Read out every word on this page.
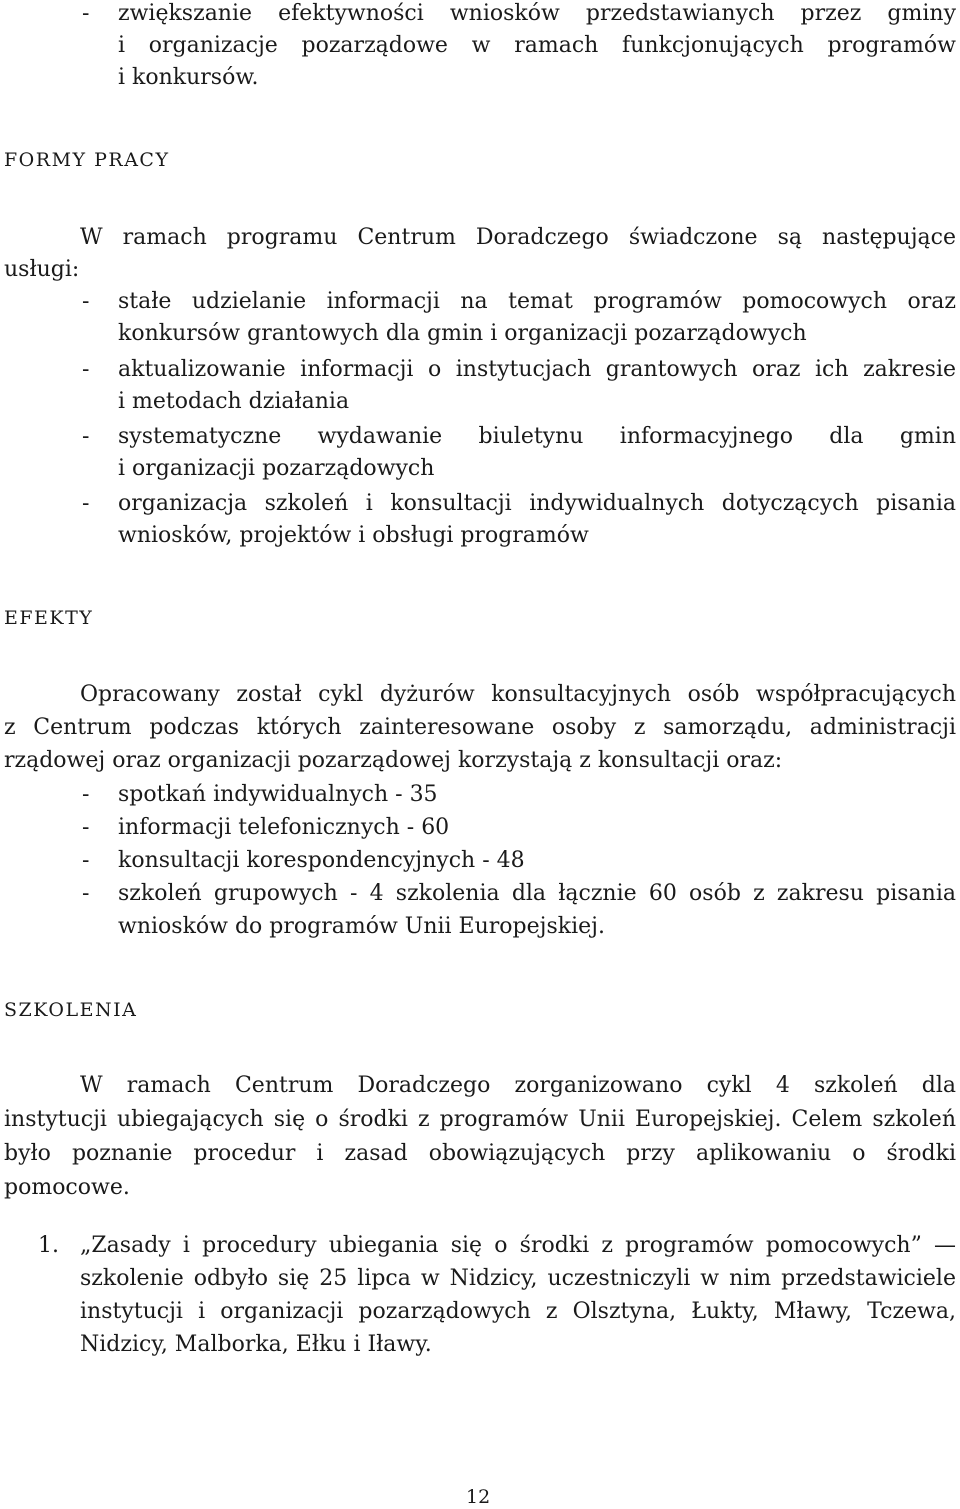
- zwiększanie efektywności wniosków przedstawianych przez gminy
i organizacje pozarządowe w ramach funkcjonujących programów
i konkursów.
FORMY PRACY
W ramach programu Centrum Doradczego świadczone są następujące
usługi:
- stałe udzielanie informacji na temat programów pomocowych oraz
konkursów grantowych dla gmin i organizacji pozarządowych
- aktualizowanie informacji o instytucjach grantowych oraz ich zakresie
i metodach działania
- systematyczne wydawanie biuletynu informacyjnego dla gmin
i organizacji pozarządowych
- organizacja szkoleń i konsultacji indywidualnych dotyczących pisania
wniosków, projektów i obsługi programów
EFEKTY
Opracowany został cykl dyżurów konsultacyjnych osób współpracujących
z Centrum podczas których zainteresowane osoby z samorządu, administracji
rządowej oraz organizacji pozarządowej korzystają z konsultacji oraz:
- spotkań indywidualnych - 35
- informacji telefonicznych - 60
- konsultacji korespondencyjnych - 48
- szkoleń grupowych - 4 szkolenia dla łącznie 60 osób z zakresu pisania
wniosków do programów Unii Europejskiej.
SZKOLENIA
W ramach Centrum Doradczego zorganizowano cykl 4 szkoleń dla
instytucji ubiegających się o środki z programów Unii Europejskiej. Celem szkoleń
było poznanie procedur i zasad obowiązujących przy aplikowaniu o środki
pomocowe.
1. „Zasady i procedury ubiegania się o środki z programów pomocowych” —
szkolenie odbyło się 25 lipca w Nidzicy, uczestniczyli w nim przedstawiciele
instytucji i organizacji pozarządowych z Olsztyna, Łukty, Mławy, Tczewa,
Nidzicy, Malborka, Ełku i Iławy.
12
